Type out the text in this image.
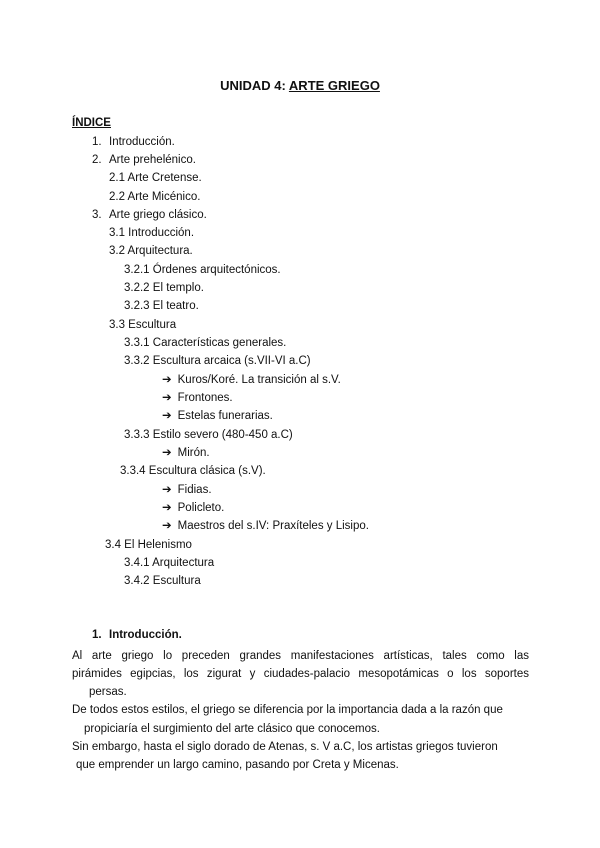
UNIDAD 4: ARTE GRIEGO
ÍNDICE
1. Introducción.
2. Arte prehelénico.
2.1 Arte Cretense.
2.2 Arte Micénico.
3. Arte griego clásico.
3.1 Introducción.
3.2 Arquitectura.
3.2.1 Órdenes arquitectónicos.
3.2.2 El templo.
3.2.3 El teatro.
3.3 Escultura
3.3.1 Características generales.
3.3.2 Escultura arcaica (s.VII-VI a.C)
➔ Kuros/Koré. La transición al s.V.
➔ Frontones.
➔ Estelas funerarias.
3.3.3 Estilo severo (480-450 a.C)
➔ Mirón.
3.3.4 Escultura clásica (s.V).
➔ Fidias.
➔ Policleto.
➔ Maestros del s.IV: Praxíteles y Lisipo.
3.4 El Helenismo
3.4.1 Arquitectura
3.4.2 Escultura
1. Introducción.
Al arte griego lo preceden grandes manifestaciones artísticas, tales como las
pirámides egipcias, los zigurat y ciudades-palacio mesopotámicas o los soportes
persas.
De todos estos estilos, el griego se diferencia por la importancia dada a la razón que
propiciaría el surgimiento del arte clásico que conocemos.
Sin embargo, hasta el siglo dorado de Atenas, s. V a.C, los artistas griegos tuvieron
que emprender un largo camino, pasando por Creta y Micenas.
